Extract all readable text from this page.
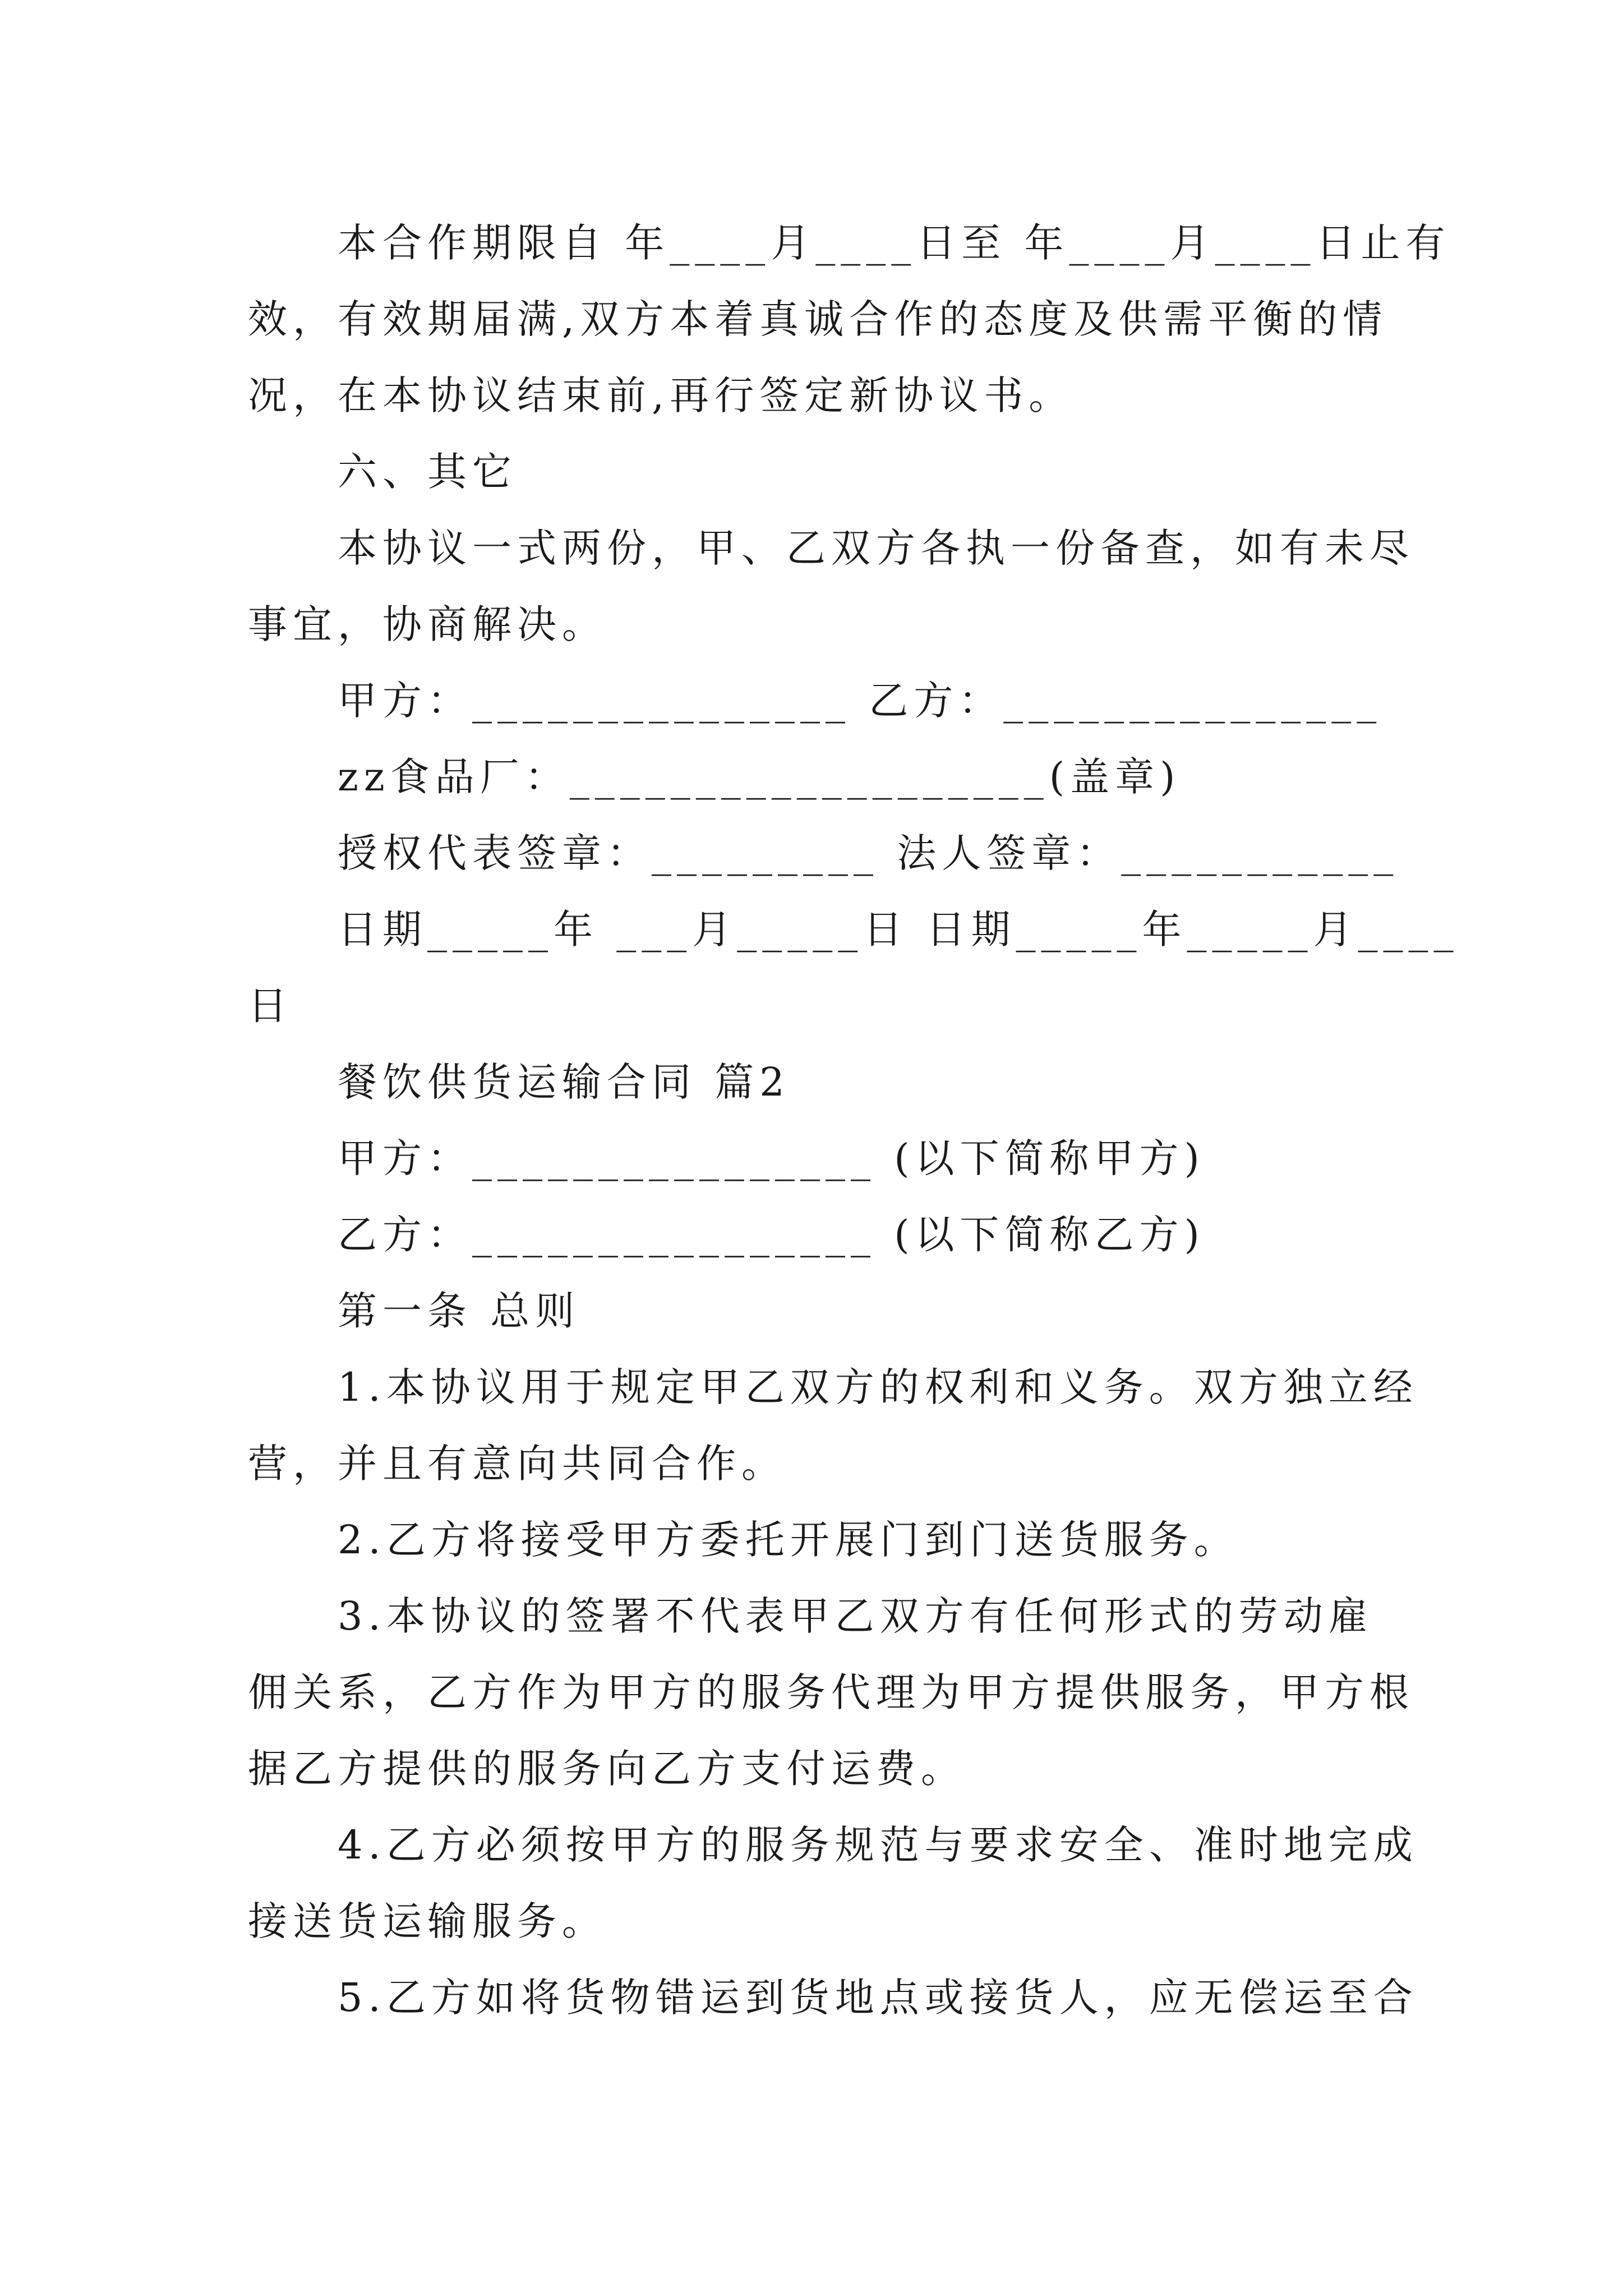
本合作期限自 年____月____日至 年____月____日止有
效，有效期届满,双方本着真诚合作的态度及供需平衡的情
况，在本协议结束前,再行签定新协议书。
六、其它
本协议一式两份，甲、乙双方各执一份备查，如有未尽
事宜，协商解决。
甲方：_______________ 乙方：_______________
zz食品厂：___________________(盖章)
授权代表签章：_________ 法人签章：___________
日期_____年 ___月_____日 日期_____年_____月____
日
餐饮供货运输合同 篇2
甲方：________________ (以下简称甲方)
乙方：________________ (以下简称乙方)
第一条 总则
1.本协议用于规定甲乙双方的权利和义务。双方独立经
营，并且有意向共同合作。
2.乙方将接受甲方委托开展门到门送货服务。
3.本协议的签署不代表甲乙双方有任何形式的劳动雇
佣关系，乙方作为甲方的服务代理为甲方提供服务，甲方根
据乙方提供的服务向乙方支付运费。
4.乙方必须按甲方的服务规范与要求安全、准时地完成
接送货运输服务。
5.乙方如将货物错运到货地点或接货人，应无偿运至合
